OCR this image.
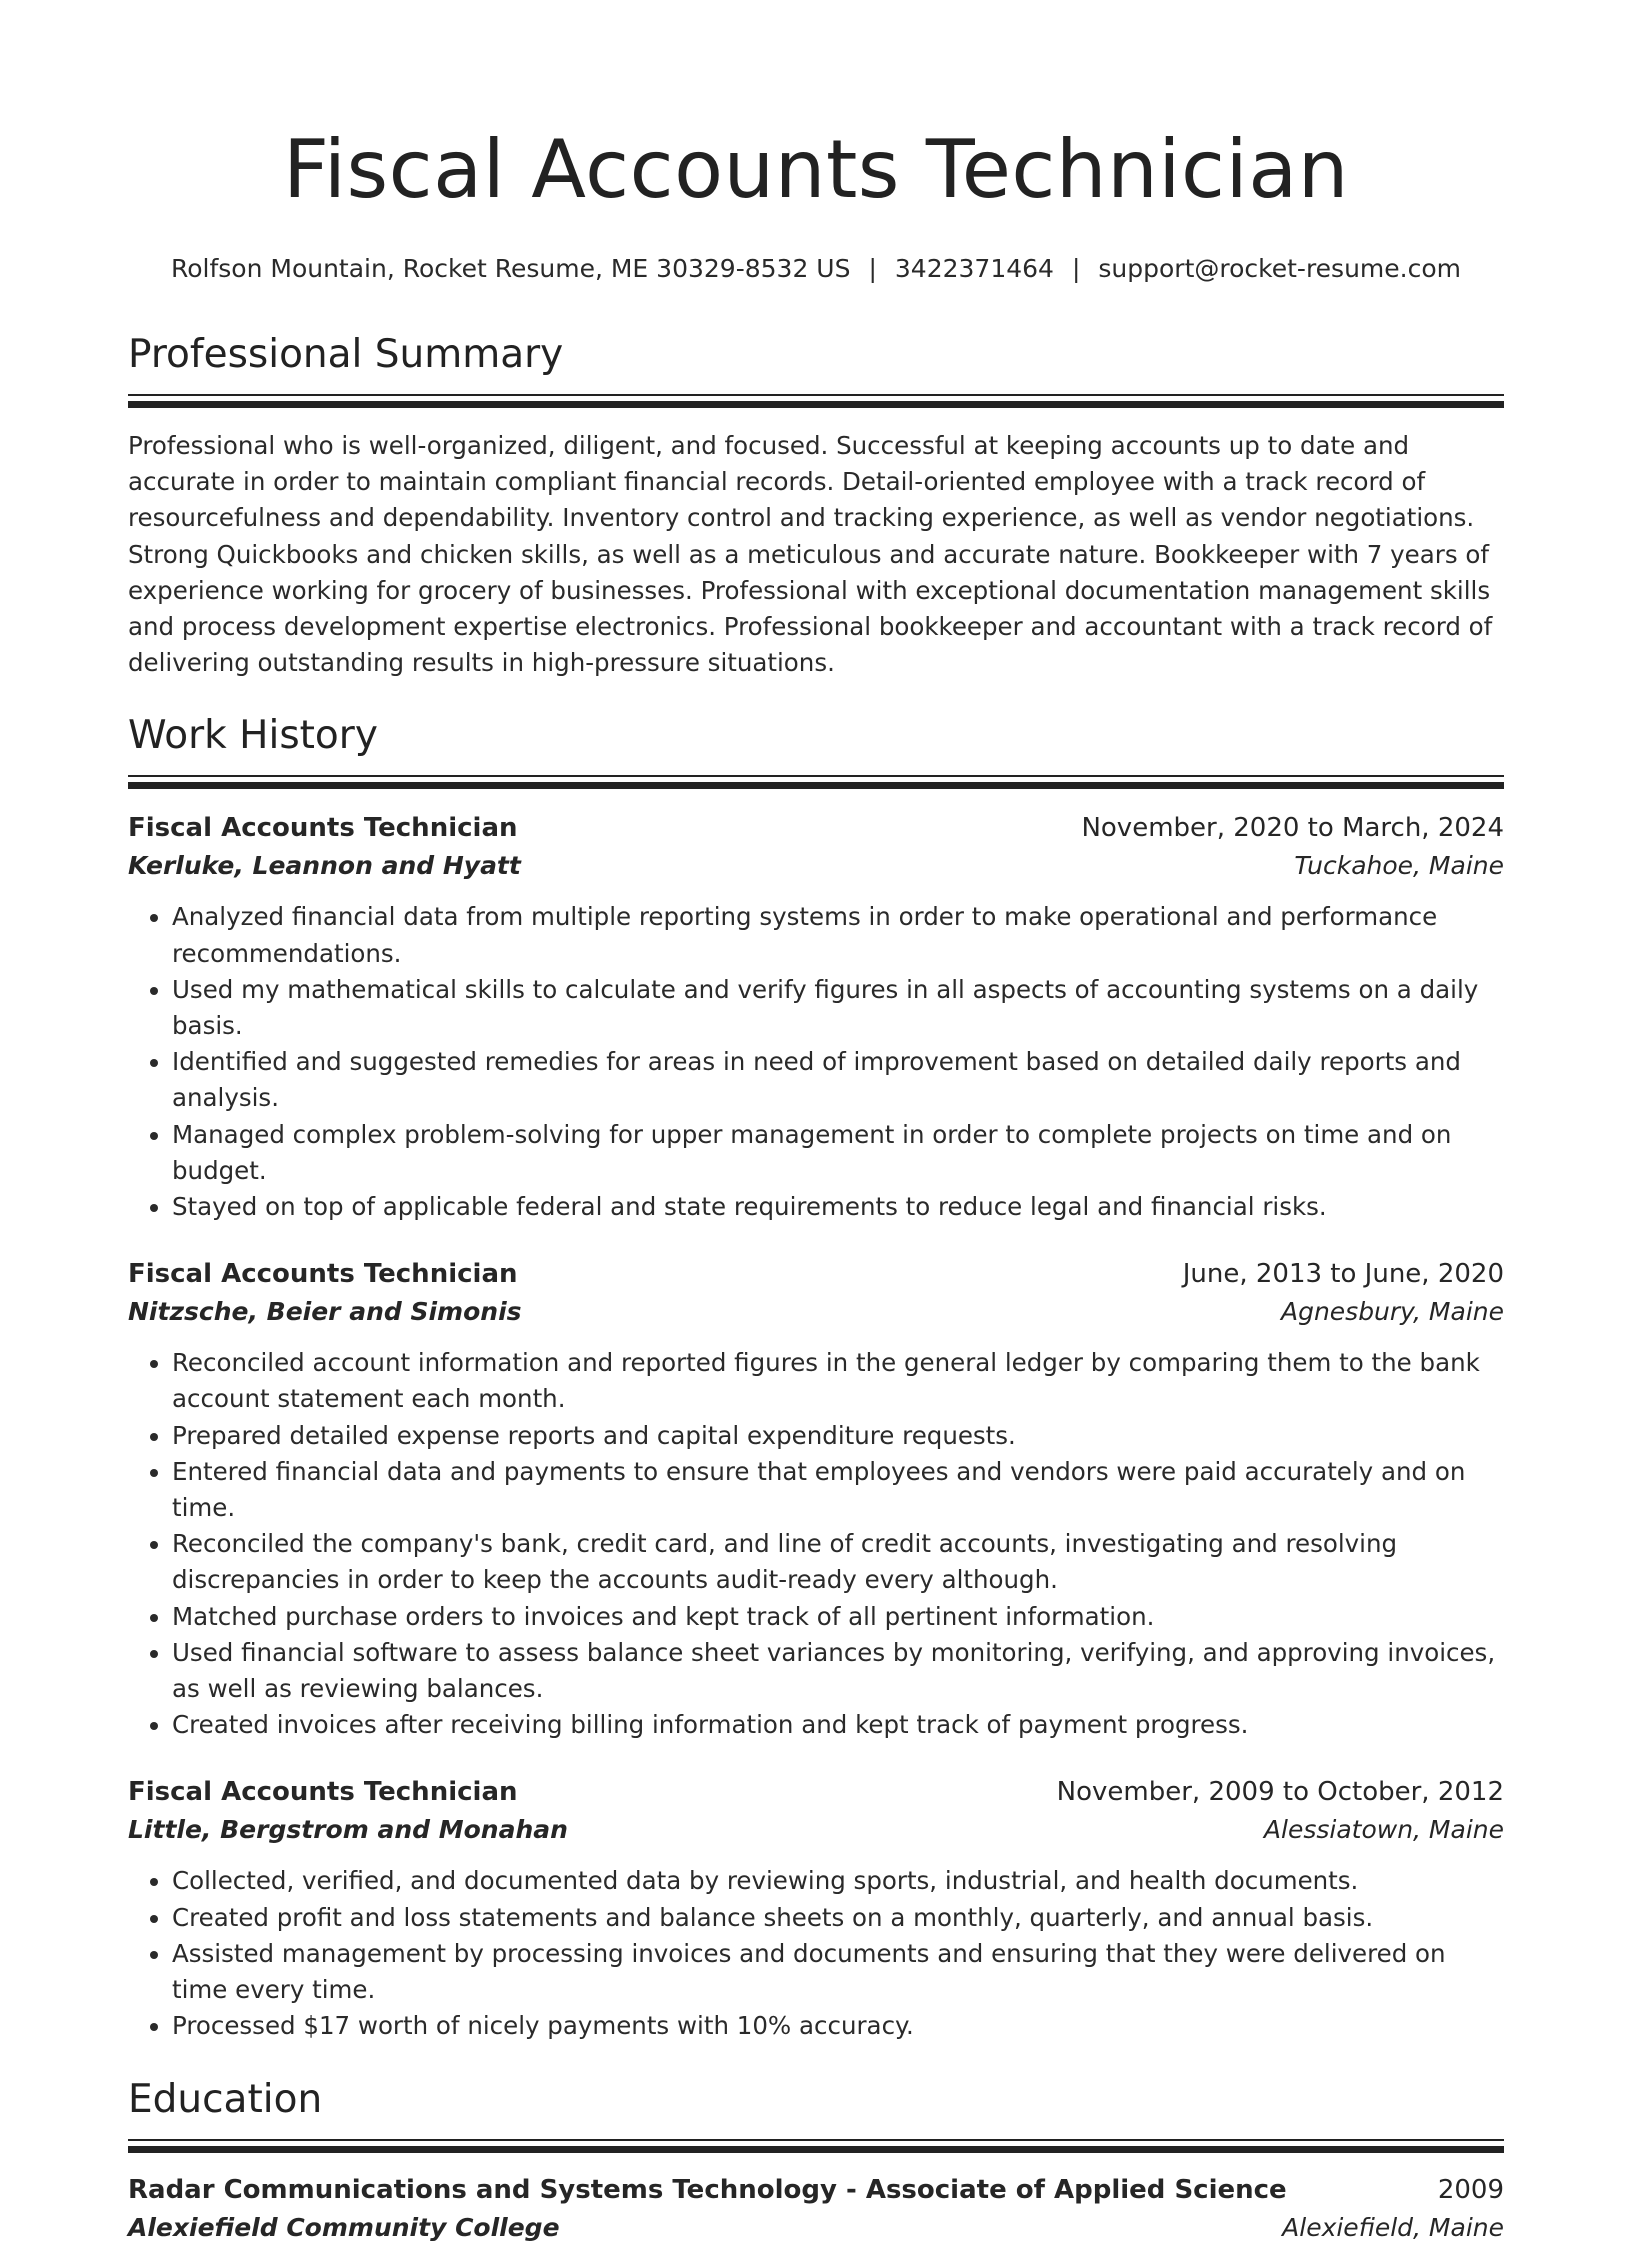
Fiscal Accounts Technician
Rolfson Mountain, Rocket Resume, ME 30329-8532 US | 3422371464 | support@rocket-resume.com
Professional Summary
Professional who is well-organized, diligent, and focused. Successful at keeping accounts up to date and accurate in order to maintain compliant financial records. Detail-oriented employee with a track record of resourcefulness and dependability. Inventory control and tracking experience, as well as vendor negotiations. Strong Quickbooks and chicken skills, as well as a meticulous and accurate nature. Bookkeeper with 7 years of experience working for grocery of businesses. Professional with exceptional documentation management skills and process development expertise electronics. Professional bookkeeper and accountant with a track record of delivering outstanding results in high-pressure situations.
Work History
Fiscal Accounts Technician	November, 2020 to March, 2024
Kerluke, Leannon and Hyatt	Tuckahoe, Maine
• Analyzed financial data from multiple reporting systems in order to make operational and performance recommendations.
• Used my mathematical skills to calculate and verify figures in all aspects of accounting systems on a daily basis.
• Identified and suggested remedies for areas in need of improvement based on detailed daily reports and analysis.
• Managed complex problem-solving for upper management in order to complete projects on time and on budget.
• Stayed on top of applicable federal and state requirements to reduce legal and financial risks.
Fiscal Accounts Technician	June, 2013 to June, 2020
Nitzsche, Beier and Simonis	Agnesbury, Maine
• Reconciled account information and reported figures in the general ledger by comparing them to the bank account statement each month.
• Prepared detailed expense reports and capital expenditure requests.
• Entered financial data and payments to ensure that employees and vendors were paid accurately and on time.
• Reconciled the company's bank, credit card, and line of credit accounts, investigating and resolving discrepancies in order to keep the accounts audit-ready every although.
• Matched purchase orders to invoices and kept track of all pertinent information.
• Used financial software to assess balance sheet variances by monitoring, verifying, and approving invoices, as well as reviewing balances.
• Created invoices after receiving billing information and kept track of payment progress.
Fiscal Accounts Technician	November, 2009 to October, 2012
Little, Bergstrom and Monahan	Alessiatown, Maine
• Collected, verified, and documented data by reviewing sports, industrial, and health documents.
• Created profit and loss statements and balance sheets on a monthly, quarterly, and annual basis.
• Assisted management by processing invoices and documents and ensuring that they were delivered on time every time.
• Processed $17 worth of nicely payments with 10% accuracy.
Education
Radar Communications and Systems Technology - Associate of Applied Science	2009
Alexiefield Community College	Alexiefield, Maine
